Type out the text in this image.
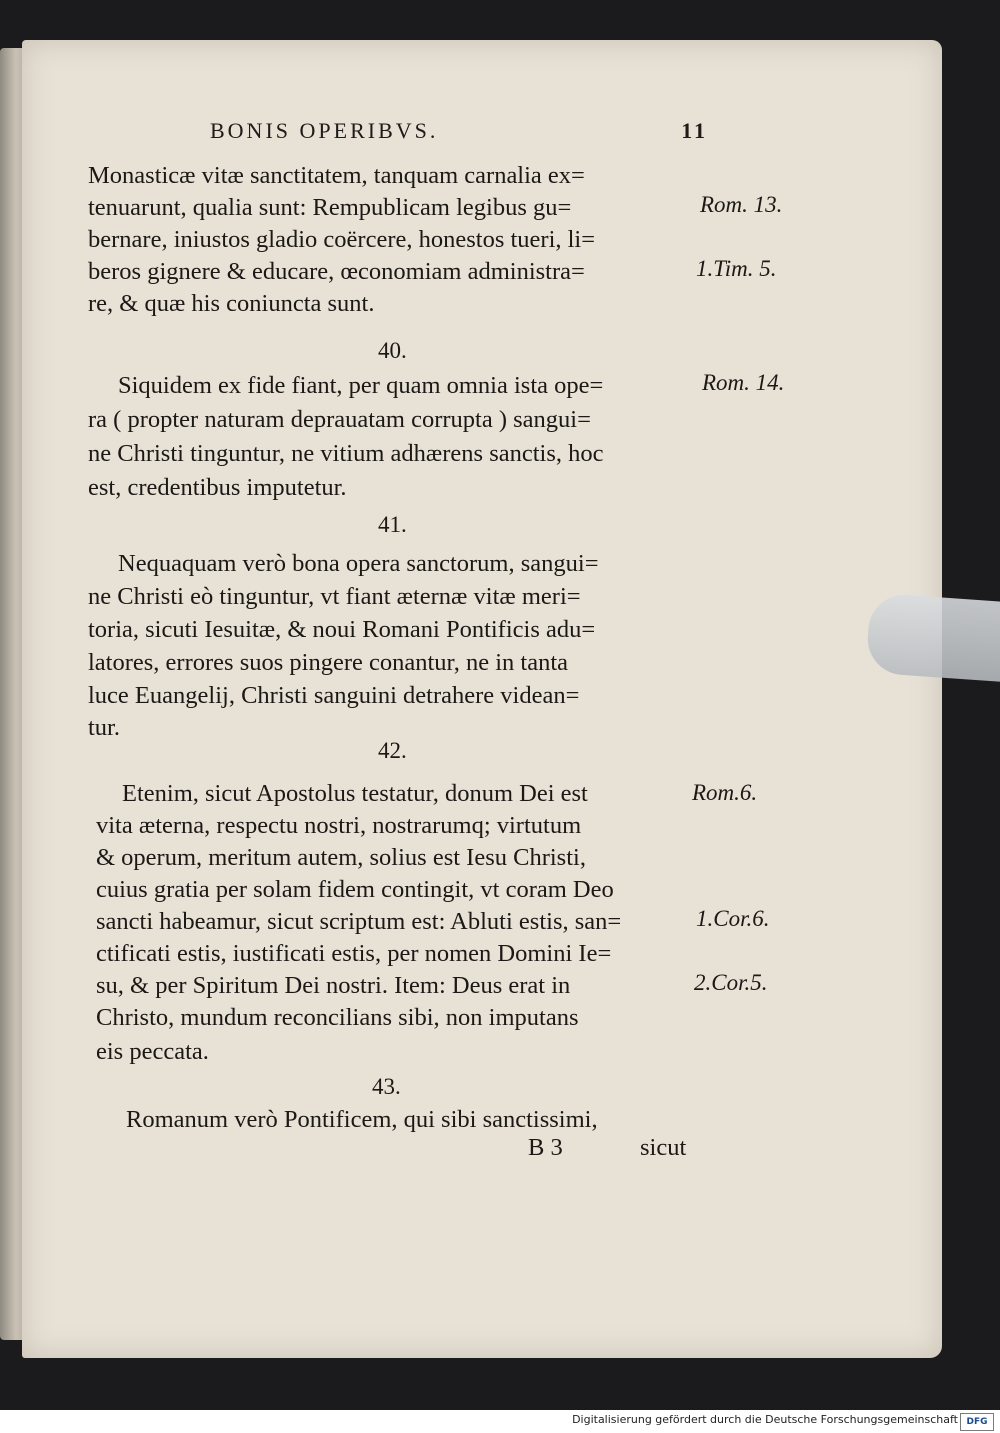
BONIS OPERIBVS.	11
Monasticæ vitæ sanctitatem, tanquam carnalia ex=
tenuarunt, qualia sunt: Rempublicam legibus gu=
bernare, iniustos gladio coërcere, honestos tueri, li=
beros gignere & educare, œconomiam administra=
re, & quæ his coniuncta sunt.
40.
Siquidem ex fide fiant, per quam omnia ista ope=
ra ( propter naturam deprauatam corrupta ) sangui=
ne Christi tinguntur, ne vitium adhærens sanctis, hoc
est, credentibus imputetur.
41.
Nequaquam verò bona opera sanctorum, sangui=
ne Christi eò tinguntur, vt fiant æternæ vitæ meri=
toria, sicuti Iesuitæ, & noui Romani Pontificis adu=
latores, errores suos pingere conantur, ne in tanta
luce Euangelij, Christi sanguini detrahere videan=
tur.
42.
Etenim, sicut Apostolus testatur, donum Dei est
vita æterna, respectu nostri, nostrarumq; virtutum
& operum, meritum autem, solius est Iesu Christi,
cuius gratia per solam fidem contingit, vt coram Deo
sancti habeamur, sicut scriptum est: Abluti estis, san=
ctificati estis, iustificati estis, per nomen Domini Ie=
su, & per Spiritum Dei nostri. Item: Deus erat in
Christo, mundum reconcilians sibi, non imputans
eis peccata.
43.
Romanum verò Pontificem, qui sibi sanctissimi,
B 3	sicut
Rom. 13.
1.Tim. 5.
Rom. 14.
Rom.6.
1.Cor.6.
2.Cor.5.
Digitalisierung gefördert durch die Deutsche Forschungsgemeinschaft DFG
